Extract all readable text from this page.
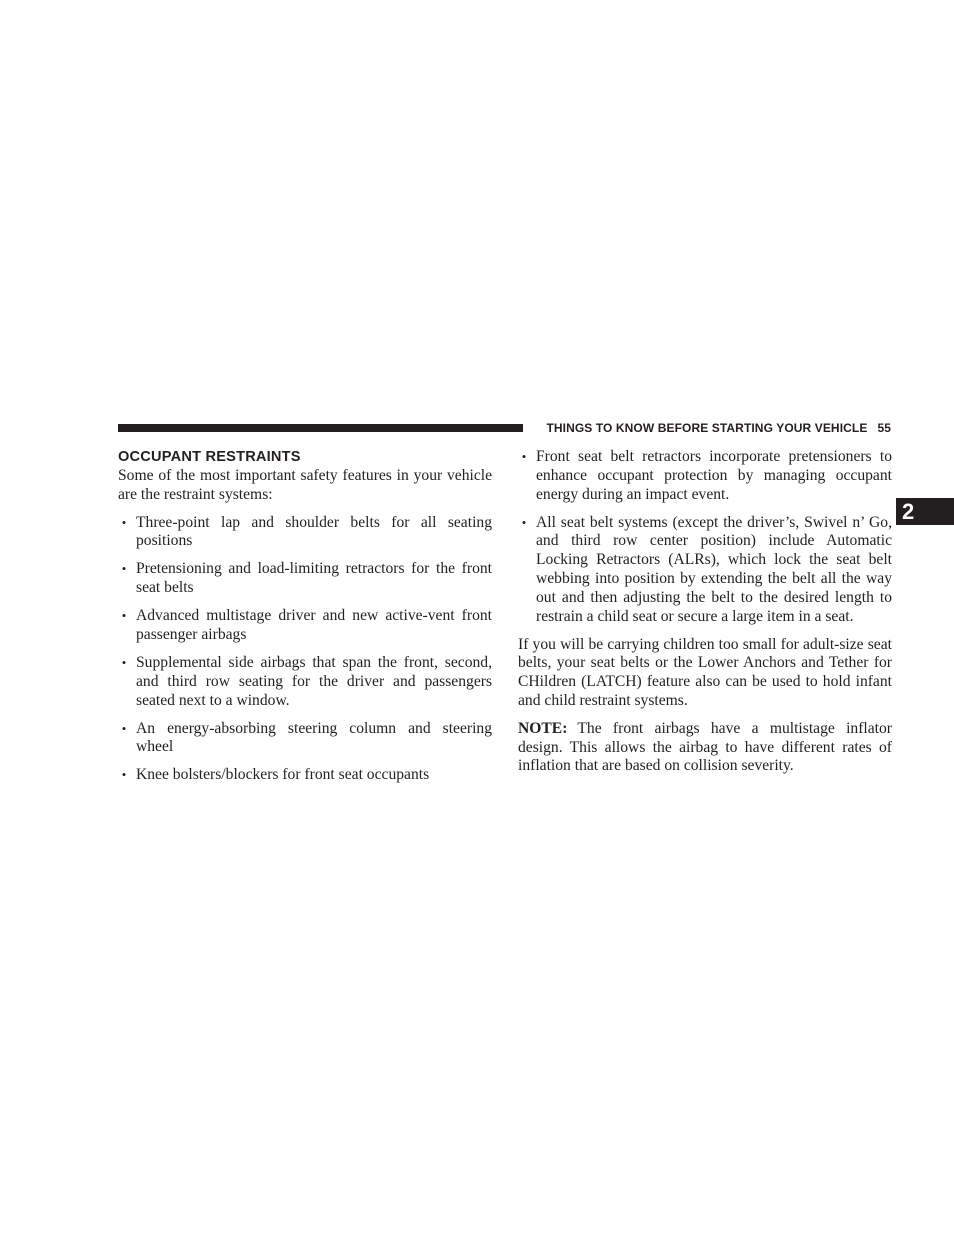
THINGS TO KNOW BEFORE STARTING YOUR VEHICLE 55
2
OCCUPANT RESTRAINTS

Some of the most important safety features in your vehicle are the restraint systems:

• Three-point lap and shoulder belts for all seating positions
• Pretensioning and load-limiting retractors for the front seat belts
• Advanced multistage driver and new active-vent front passenger airbags
• Supplemental side airbags that span the front, second, and third row seating for the driver and passengers seated next to a window.
• An energy-absorbing steering column and steering wheel
• Knee bolsters/blockers for front seat occupants
• Front seat belt retractors incorporate pretensioners to enhance occupant protection by managing occupant energy during an impact event.
• All seat belt systems (except the driver’s, Swivel n’ Go, and third row center position) include Automatic Locking Retractors (ALRs), which lock the seat belt webbing into position by extending the belt all the way out and then adjusting the belt to the desired length to restrain a child seat or secure a large item in a seat.

If you will be carrying children too small for adult-size seat belts, your seat belts or the Lower Anchors and Tether for CHildren (LATCH) feature also can be used to hold infant and child restraint systems.

NOTE: The front airbags have a multistage inflator design. This allows the airbag to have different rates of inflation that are based on collision severity.
